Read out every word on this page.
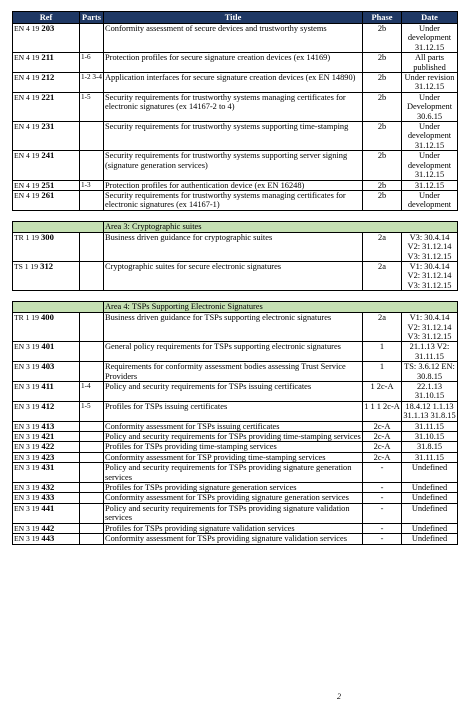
Ref	Parts	Title	Phase	Date
EN 4 19 203		Conformity assessment of secure devices and trustworthy systems	2b	Under development 31.12.15
EN 4 19 211	1-6	Protection profiles for secure signature creation devices (ex 14169)	2b	All parts published
EN 4 19 212	1-2 3-4	Application interfaces for secure signature creation devices (ex EN 14890)	2b	Under revision 31.12.15
EN 4 19 221	1-5	Security requirements for trustworthy systems managing certificates for electronic signatures (ex 14167-2 to 4)	2b	Under Development 30.6.15
EN 4 19 231		Security requirements for trustworthy systems supporting time-stamping	2b	Under development 31.12.15
EN 4 19 241		Security requirements for trustworthy systems supporting server signing (signature generation services)	2b	Under development 31.12.15
EN 4 19 251	1-3	Protection profiles for authentication device (ex EN 16248)	2b	31.12.15
EN 4 19 261		Security requirements for trustworthy systems managing certificates for electronic signatures (ex 14167-1)	2b	Under development

		Area 3: Cryptographic suites		
TR 1 19 300		Business driven guidance for cryptographic suites	2a	V3: 30.4.14 V2: 31.12.14 V3: 31.12.15
TS 1 19 312		Cryptographic suites for secure electronic signatures	2a	V1: 30.4.14 V2: 31.12.14 V3: 31.12.15

		Area 4: TSPs Supporting Electronic Signatures		
TR 1 19 400		Business driven guidance for TSPs supporting electronic signatures	2a	V1: 30.4.14 V2: 31.12.14 V3: 31.12.15
EN 3 19 401		General policy requirements for TSPs supporting electronic signatures	1	21.1.13 V2: 31.11.15
EN 3 19 403		Requirements for conformity assessment bodies assessing Trust Service Providers	1	TS: 3.6.12 EN: 30.8.15
EN 3 19 411	1-4	Policy and security requirements for TSPs issuing certificates	1 2c-A	22.1.13 31.10.15
EN 3 19 412	1-5	Profiles for TSPs issuing certificates	1 1 1 2c-A	18.4.12 1.1.13 31.1.13 31.8.15
EN 3 19 413		Conformity assessment for TSPs issuing certificates	2c-A	31.11.15
EN 3 19 421		Policy and security requirements for TSPs providing time-stamping services	2c-A	31.10.15
EN 3 19 422		Profiles for TSPs providing time-stamping services	2c-A	31.8.15
EN 3 19 423		Conformity assessment for TSP providing time-stamping services	2c-A	31.11.15
EN 3 19 431		Policy and security requirements for TSPs providing signature generation services	-	Undefined
EN 3 19 432		Profiles for TSPs providing signature generation services	-	Undefined
EN 3 19 433		Conformity assessment for TSPs providing signature generation services	-	Undefined
EN 3 19 441		Policy and security requirements for TSPs providing signature validation services	-	Undefined
EN 3 19 442		Profiles for TSPs providing signature validation services	-	Undefined
EN 3 19 443		Conformity assessment for TSPs providing signature validation services	-	Undefined
2
